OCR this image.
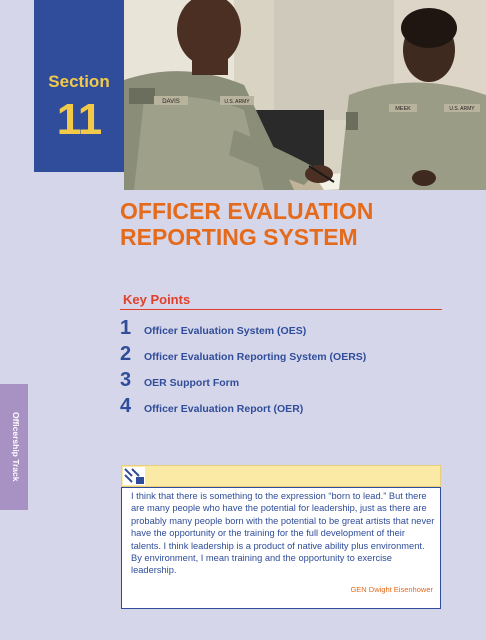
DAVIS	U.S. ARMY
MEEK	U.S. ARMY
Section
11
OFFICER EVALUATION
REPORTING SYSTEM
Key Points
1	Officer Evaluation System (OES)
2	Officer Evaluation Reporting System (OERS)
3	OER Support Form
4	Officer Evaluation Report (OER)
Officership Track
I think that there is something to the expression “born to lead.” But there are many people who have the potential for leadership, just as there are probably many people born with the potential to be great artists that never have the opportunity or the training for the full development of their talents. I think leadership is a product of native ability plus environment. By environment, I mean training and the opportunity to exercise leadership.
GEN Dwight Eisenhower
